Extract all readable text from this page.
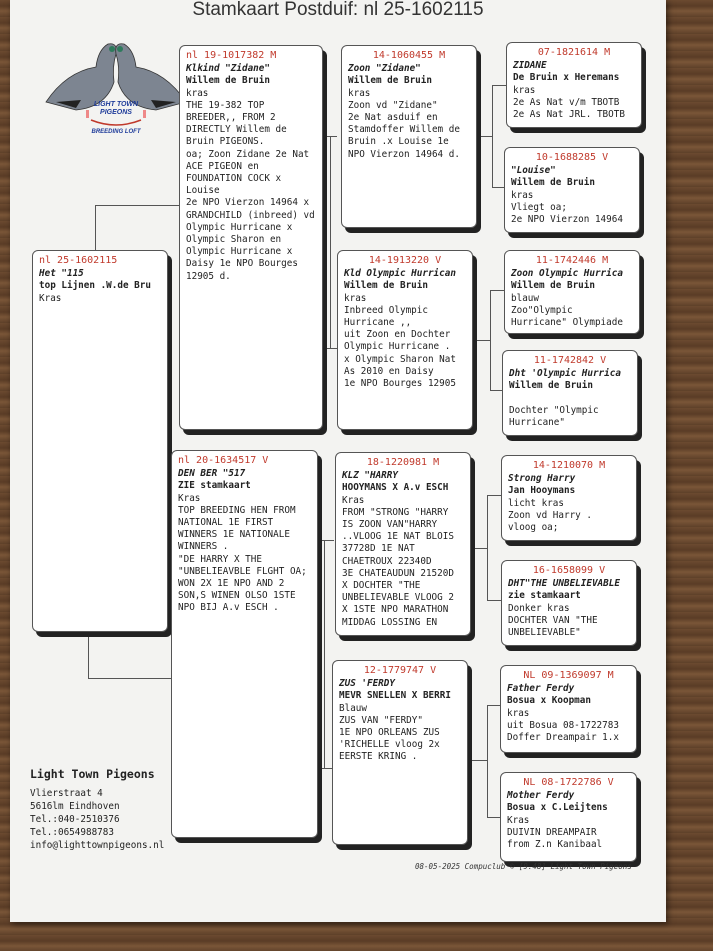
Stamkaart Postduif: nl 25-1602115
LIGHT TOWN
PIGEONS
BREEDING LOFT
nl 25-1602115
Het "115
top Lijnen .W.de Bru
Kras
nl 19-1017382 M
Klkind "Zidane"
Willem de Bruin
kras
THE 19-382 TOP BREEDER,, FROM 2 DIRECTLY Willem de Bruin PIGEONS.
oa; Zoon Zidane 2e Nat ACE PIGEON en FOUNDATION COCK x Louise
2e NPO Vierzon 14964 x
GRANDCHILD (inbreed) vd Olympic Hurricane x Olympic Sharon en Olympic Hurricane x Daisy 1e NPO Bourges 12905 d.
nl 20-1634517 V
DEN BER "517
ZIE stamkaart
Kras
TOP BREEDING HEN FROM NATIONAL 1E FIRST WINNERS 1E NATIONALE WINNERS .
"DE HARRY X THE "UNBELIEAVBLE FLGHT OA; WON 2X 1E NPO AND 2 SON,S WINEN OLSO 1STE NPO BIJ A.v ESCH .
14-1060455 M
Zoon "Zidane"
Willem de Bruin
kras
Zoon vd "Zidane"
2e Nat asduif en Stamdoffer Willem de Bruin .x Louise 1e NPO Vierzon 14964 d.
14-1913220 V
Kld Olympic Hurrican
Willem de Bruin
kras
Inbreed Olympic Hurricane ,,
uit Zoon en Dochter Olympic Hurricane .
x Olympic Sharon Nat As 2010 en Daisy
1e NPO Bourges 12905
18-1220981 M
KLZ "HARRY
HOOYMANS X A.v ESCH
Kras
FROM "STRONG "HARRY IS ZOON VAN"HARRY ..VLOOG 1E NAT BLOIS 37728D 1E NAT CHAETROUX 22340D
3E CHATEAUDUN 21520D X DOCHTER "THE UNBELIEVABLE VLOOG 2 X 1STE NPO MARATHON MIDDAG LOSSING EN
12-1779747 V
ZUS 'FERDY
MEVR SNELLEN X BERRI
Blauw
ZUS VAN "FERDY"
1E NPO ORLEANS ZUS 'RICHELLE vloog 2x EERSTE KRING .
07-1821614 M
ZIDANE
De Bruin x Heremans
kras
2e As Nat v/m TBOTB
2e As Nat JRL. TBOTB
10-1688285 V
"Louise"
Willem de Bruin
kras
Vliegt oa;
2e NPO Vierzon 14964
11-1742446 M
Zoon Olympic Hurrica
Willem de Bruin
blauw
Zoo"Olympic Hurricane" Olympiade
11-1742842 V
Dht 'Olympic Hurrica
Willem de Bruin

Dochter "Olympic Hurricane"
14-1210070 M
Strong Harry
Jan Hooymans
licht kras
Zoon vd Harry .
vloog oa;
16-1658099 V
DHT"THE UNBELIEVABLE
zie stamkaart
Donker kras
DOCHTER VAN "THE UNBELIEVABLE"
NL 09-1369097 M
Father Ferdy
Bosua x Koopman
kras
uit Bosua 08-1722783
Doffer Dreampair 1.x
NL 08-1722786 V
Mother Ferdy
Bosua x C.Leijtens
Kras
DUIVIN DREAMPAIR
from Z.n Kanibaal
Light Town Pigeons
Vlierstraat 4
5616lm Eindhoven
Tel.:040-2510376
Tel.:0654988783
info@lighttownpigeons.nl
08-05-2025 Compuclub © [9.48] Light Town Pigeons
